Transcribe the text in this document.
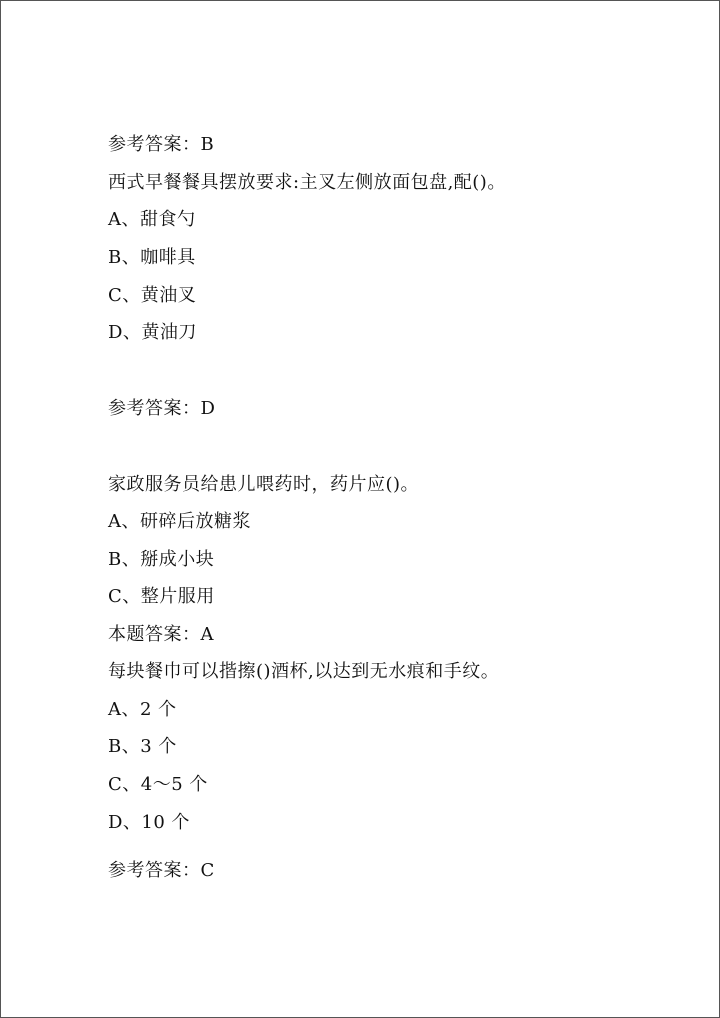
参考答案：B
西式早餐餐具摆放要求:主叉左侧放面包盘,配()。
A、甜食勺
B、咖啡具
C、黄油叉
D、黄油刀
参考答案：D
家政服务员给患儿喂药时，药片应()。
A、研碎后放糖浆
B、掰成小块
C、整片服用
本题答案：A
每块餐巾可以揩擦()酒杯,以达到无水痕和手纹。
A、2 个
B、3 个
C、4～5 个
D、10 个
参考答案：C
